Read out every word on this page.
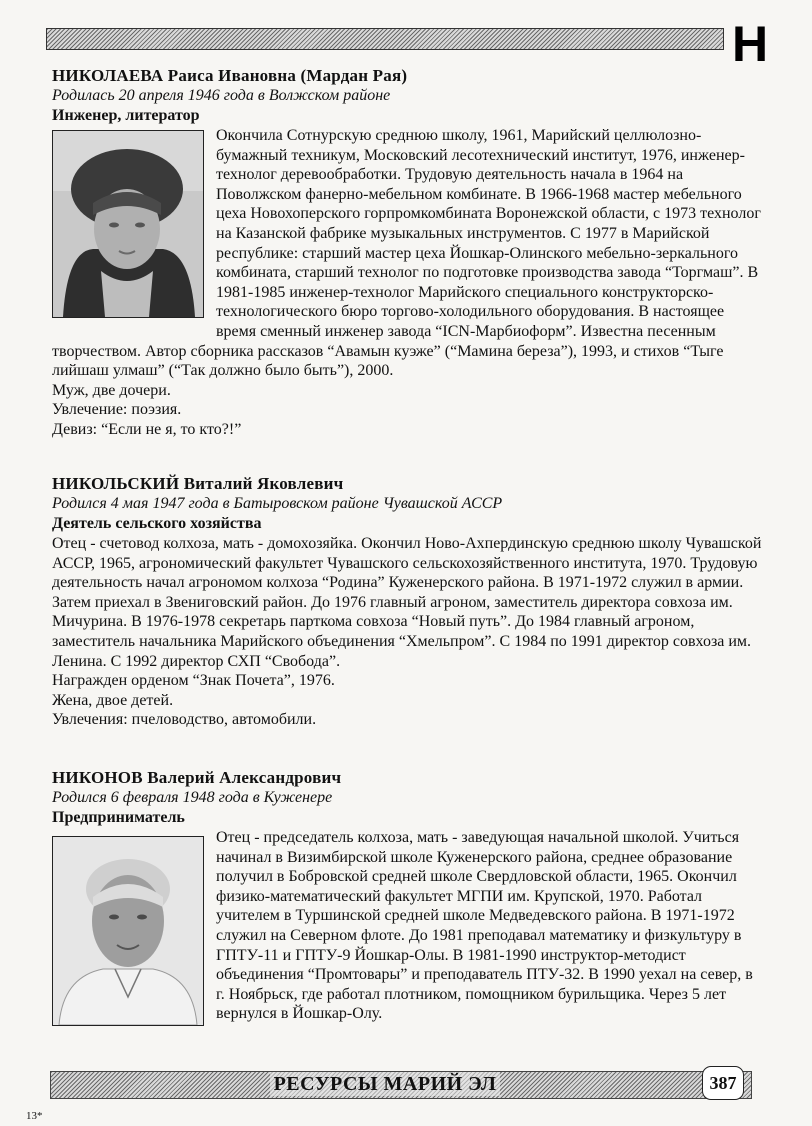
Н
НИКОЛАЕВА Раиса Ивановна (Мардан Рая)
Родилась 20 апреля 1946 года в Волжском районе
Инженер, литератор

Окончила Сотнурскую среднюю школу, 1961, Марийский целлюлозно-бумажный техникум, Московский лесотехнический институт, 1976, инженер-технолог деревообработки. Трудовую деятельность начала в 1964 на Поволжском фанерно-мебельном комбинате. В 1966-1968 мастер мебельного цеха Новохоперского горпромкомбината Воронежской области, с 1973 технолог на Казанской фабрике музыкальных инструментов. С 1977 в Марийской республике: старший мастер цеха Йошкар-Олинского мебельно-зеркального комбината, старший технолог по подготовке производства завода “Торгмаш”. В 1981-1985 инженер-технолог Марийского специального конструкторско-технологического бюро торгово-холодильного оборудования. В настоящее время сменный инженер завода “ICN-Марбиоформ”. Известна песенным творчеством. Автор сборника рассказов “Авамын куэже” (“Мамина береза”), 1993, и стихов “Тыге лийшаш улмаш” (“Так должно было быть”), 2000.

Муж, две дочери.

Увлечение: поэзия.

Девиз: “Если не я, то кто?!”

НИКОЛЬСКИЙ Виталий Яковлевич
Родился 4 мая 1947 года в Батыровском районе Чувашской АССР
Деятель сельского хозяйства

Отец - счетовод колхоза, мать - домохозяйка. Окончил Ново-Ахпердинскую среднюю школу Чувашской АССР, 1965, агрономический факультет Чувашского сельскохозяйственного института, 1970. Трудовую деятельность начал агрономом колхоза “Родина” Куженерского района. В 1971-1972 служил в армии. Затем приехал в Звениговский район. До 1976 главный агроном, заместитель директора совхоза им. Мичурина. В 1976-1978 секретарь парткома совхоза “Новый путь”. До 1984 главный агроном, заместитель начальника Марийского объединения “Хмельпром”. С 1984 по 1991 директор совхоза им. Ленина. С 1992 директор СХП “Свобода”.

Награжден орденом “Знак Почета”, 1976.

Жена, двое детей.

Увлечения: пчеловодство, автомобили.

НИКОНОВ Валерий Александрович
Родился 6 февраля 1948 года в Куженере
Предприниматель

Отец - председатель колхоза, мать - заведующая начальной школой. Учиться начинал в Визимбирской школе Куженерского района, среднее образование получил в Бобровской средней школе Свердловской области, 1965. Окончил физико-математический факультет МГПИ им. Крупской, 1970. Работал учителем в Туршинской средней школе Медведевского района. В 1971-1972 служил на Северном флоте. До 1981 преподавал математику и физкультуру в ГПТУ-11 и ГПТУ-9 Йошкар-Олы. В 1981-1990 инструктор-методист объединения “Промтовары” и преподаватель ПТУ-32. В 1990 уехал на север, в г. Ноябрьск, где работал плотником, помощником бурильщика. Через 5 лет вернулся в Йошкар-Олу.

РЕСУРСЫ МАРИЙ ЭЛ	387
13*
